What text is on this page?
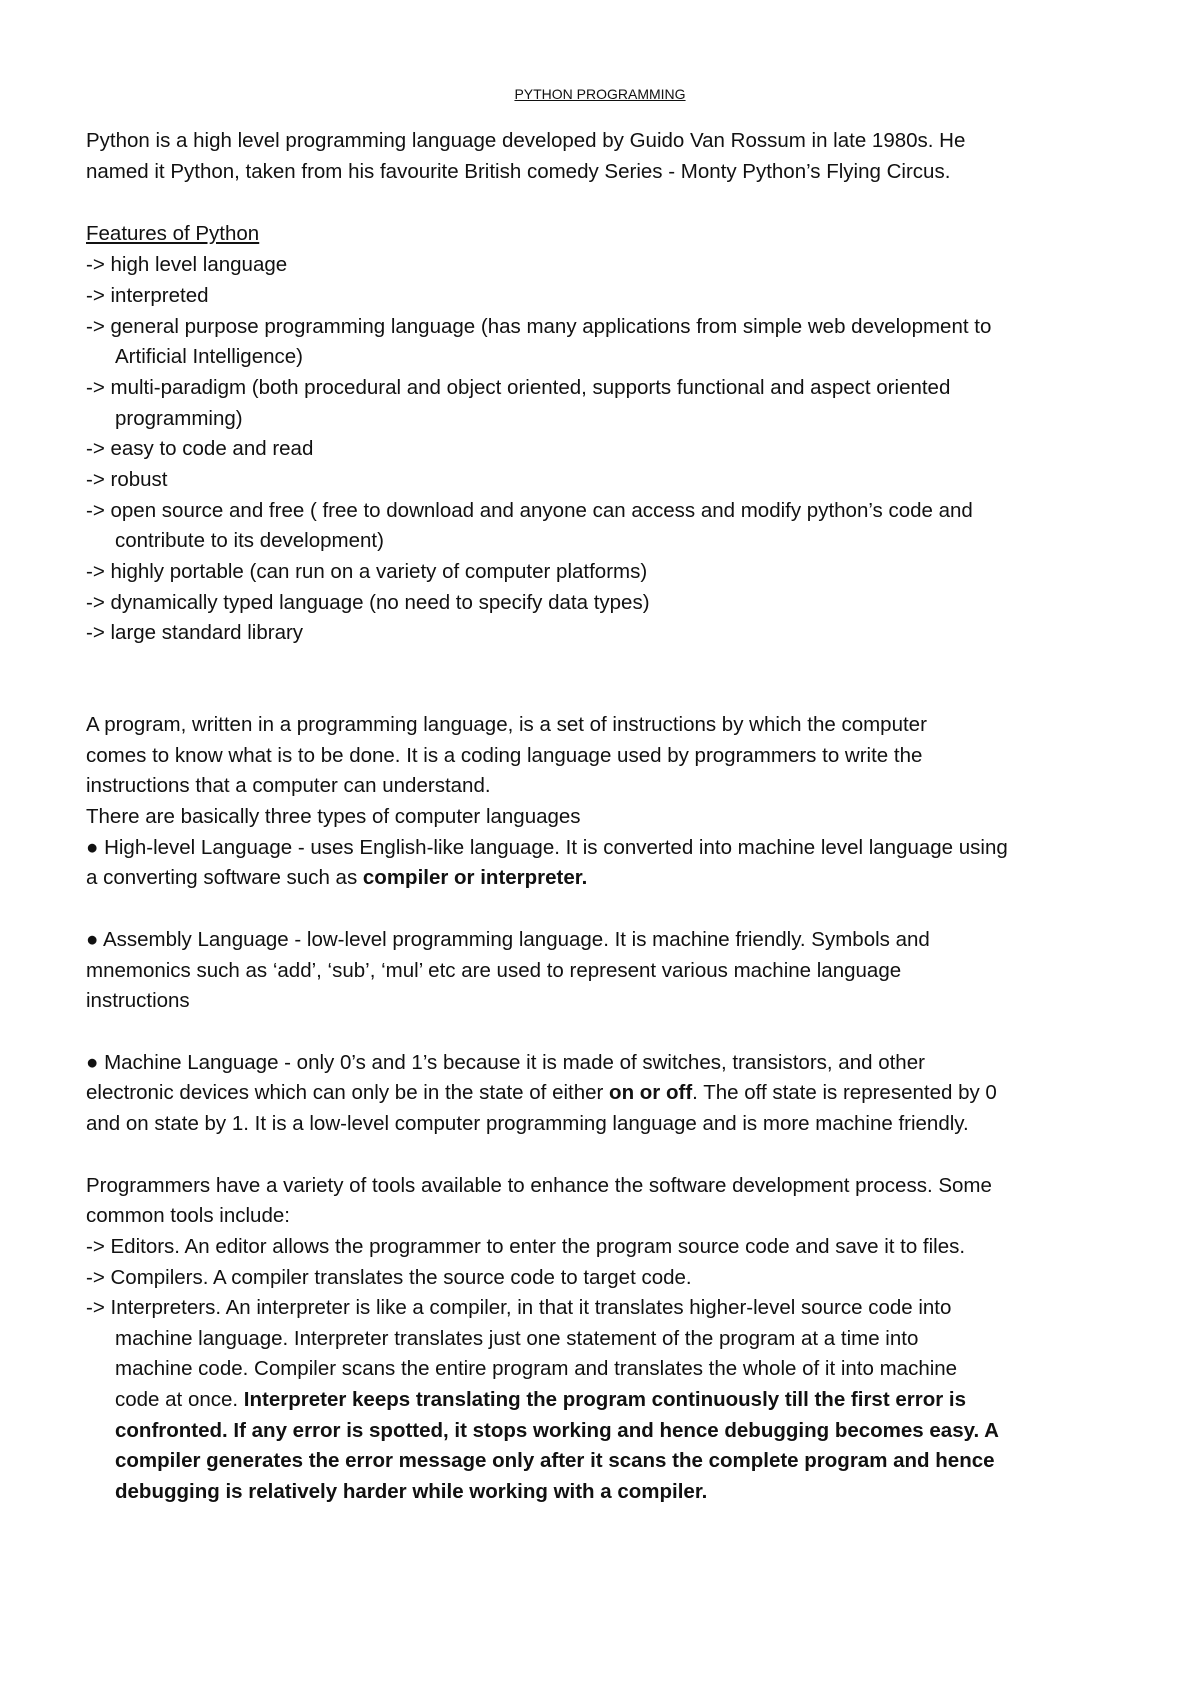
PYTHON PROGRAMMING
Python is a high level programming language developed by Guido Van Rossum in late 1980s. He
named it Python, taken from his favourite British comedy Series - Monty Python’s Flying Circus.
Features of Python
-> high level language
-> interpreted
-> general purpose programming language (has many applications from simple web development to
Artificial Intelligence)
-> multi-paradigm (both procedural and object oriented, supports functional and aspect oriented
programming)
-> easy to code and read
-> robust
-> open source and free ( free to download and anyone can access and modify python’s code and
contribute to its development)
-> highly portable (can run on a variety of computer platforms)
-> dynamically typed language (no need to specify data types)
-> large standard library
A program, written in a programming language, is a set of instructions by which the computer
comes to know what is to be done. It is a coding language used by programmers to write the
instructions that a computer can understand.
There are basically three types of computer languages
● High-level Language - uses English-like language. It is converted into machine level language using
a converting software such as compiler or interpreter.
● Assembly Language - low-level programming language. It is machine friendly. Symbols and
mnemonics such as ‘add’, ‘sub’, ‘mul’ etc are used to represent various machine language
instructions
● Machine Language - only 0’s and 1’s because it is made of switches, transistors, and other
electronic devices which can only be in the state of either on or off. The off state is represented by 0
and on state by 1. It is a low-level computer programming language and is more machine friendly.
Programmers have a variety of tools available to enhance the software development process. Some
common tools include:
-> Editors. An editor allows the programmer to enter the program source code and save it to files.
-> Compilers. A compiler translates the source code to target code.
-> Interpreters. An interpreter is like a compiler, in that it translates higher-level source code into
machine language. Interpreter translates just one statement of the program at a time into
machine code. Compiler scans the entire program and translates the whole of it into machine
code at once. Interpreter keeps translating the program continuously till the first error is
confronted. If any error is spotted, it stops working and hence debugging becomes easy. A
compiler generates the error message only after it scans the complete program and hence
debugging is relatively harder while working with a compiler.
